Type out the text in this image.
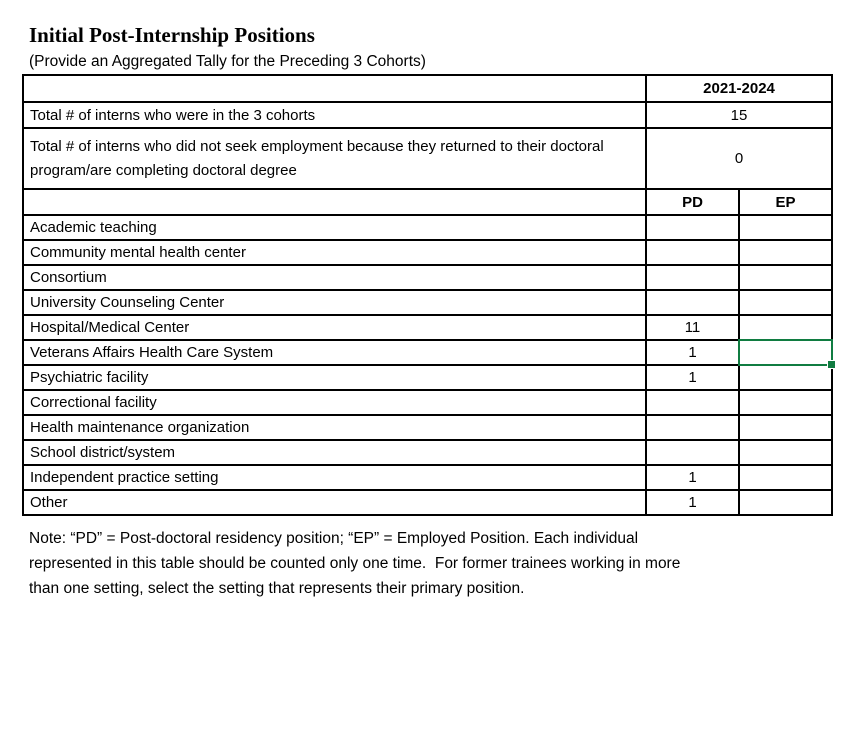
Initial Post-Internship Positions
(Provide an Aggregated Tally for the Preceding 3 Cohorts)
	2021-2024	
Total # of interns who were in the 3 cohorts	15	
Total # of interns who did not seek employment because they returned to their doctoral program/are completing doctoral degree	0	
	PD	EP
Academic teaching		
Community mental health center		
Consortium		
University Counseling Center		
Hospital/Medical Center	11	
Veterans Affairs Health Care System	1	

Psychiatric facility	1	
Correctional facility		
Health maintenance organization		
School district/system		
Independent practice setting	1	
Other	1	
Note: “PD” = Post-doctoral residency position; “EP” = Employed Position. Each individual
represented in this table should be counted only one time.  For former trainees working in more
than one setting, select the setting that represents their primary position.
